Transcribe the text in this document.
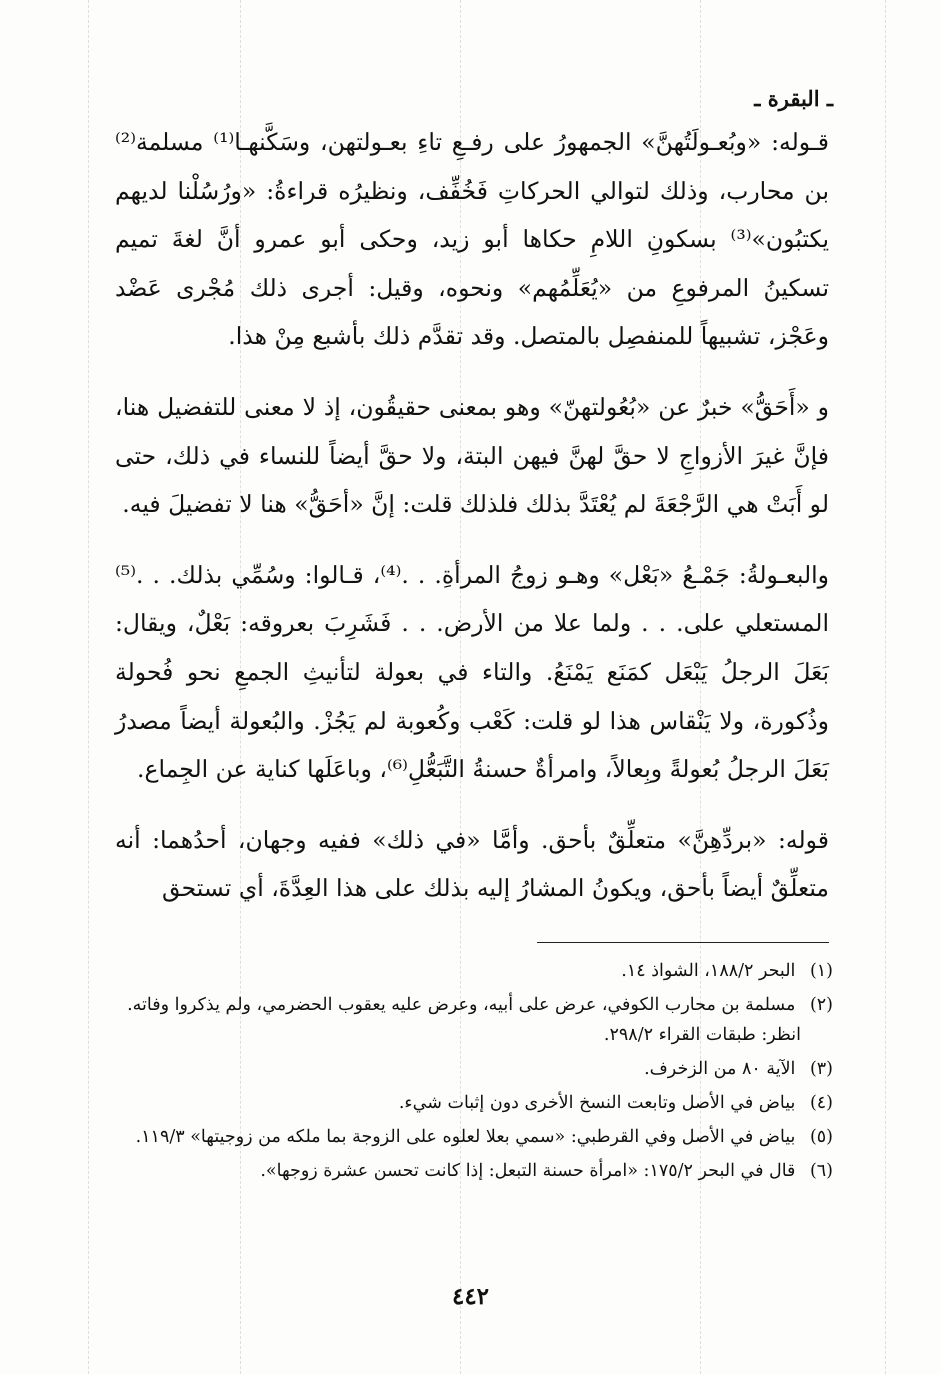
ـ البقرة ـ

قـوله: «وبُعـولَتُهنَّ» الجمهورُ على رفـعِ تاءِ بعـولتهن، وسَكَّنهـا⁽¹⁾ مسلمة⁽²⁾ بن محارب، وذلك لتوالي الحركاتِ فَخُفِّف، ونظيرُه قراءةُ: «ورُسُلْنا لديهم يكتبُون»⁽³⁾ بسكونِ اللامِ حكاها أبو زيد، وحكى أبو عمرو أنَّ لغةَ تميم تسكينُ المرفوعِ من «يُعَلِّمُهم» ونحوه، وقيل: أجرى ذلك مُجْرى عَضْد وعَجْز، تشبيهاً للمنفصِل بالمتصل. وقد تقدَّم ذلك بأشبع مِنْ هذا.

و «أَحَقُّ» خبرٌ عن «بُعُولتهنّ» وهو بمعنى حقيقُون، إذ لا معنى للتفضيل هنا، فإنَّ غيرَ الأزواجِ لا حقَّ لهنَّ فيهن البتة، ولا حقَّ أيضاً للنساء في ذلك، حتى لو أَبَتْ هي الرَّجْعَةَ لم يُعْتَدَّ بذلك فلذلك قلت: إنَّ «أحَقُّ» هنا لا تفضيلَ فيه.

والبعـولةُ: جَمْـعُ «بَعْل» وهـو زوجُ المرأةِ. . .⁽⁴⁾، قـالوا: وسُمِّي بذلك. . .⁽⁵⁾ المستعلي على. . . ولما علا من الأرض. . . فَشَرِبَ بعروقه: بَعْلٌ، ويقال: بَعَلَ الرجلُ يَبْعَل كمَنَع يَمْنَعُ. والتاء في بعولة لتأنيثِ الجمعِ نحو فُحولة وذُكورة، ولا يَنْقاس هذا لو قلت: كَعْب وكُعوبة لم يَجُزْ. والبُعولة أيضاً مصدرُ بَعَلَ الرجلُ بُعولةً وبِعالاً، وامرأةٌ حسنةُ التَّبَعُّلِ⁽⁶⁾، وباعَلَها كناية عن الجِماع.

قوله: «بردِّهِنَّ» متعلِّقٌ بأحق. وأمَّا «في ذلك» ففيه وجهان، أحدُهما: أنه متعلِّقٌ أيضاً بأحق، ويكونُ المشارُ إليه بذلك على هذا العِدَّةَ، أي تستحق

(١) البحر ١٨٨/٢، الشواذ ١٤.
(٢) مسلمة بن محارب الكوفي، عرض على أبيه، وعرض عليه يعقوب الحضرمي، ولم يذكروا وفاته. انظر: طبقات القراء ٢٩٨/٢.
(٣) الآية ٨٠ من الزخرف.
(٤) بياض في الأصل وتابعت النسخ الأخرى دون إثبات شيء.
(٥) بياض في الأصل وفي القرطبي: «سمي بعلا لعلوه على الزوجة بما ملكه من زوجيتها» ١١٩/٣.
(٦) قال في البحر ١٧٥/٢: «امرأة حسنة التبعل: إذا كانت تحسن عشرة زوجها».
٤٤٢
